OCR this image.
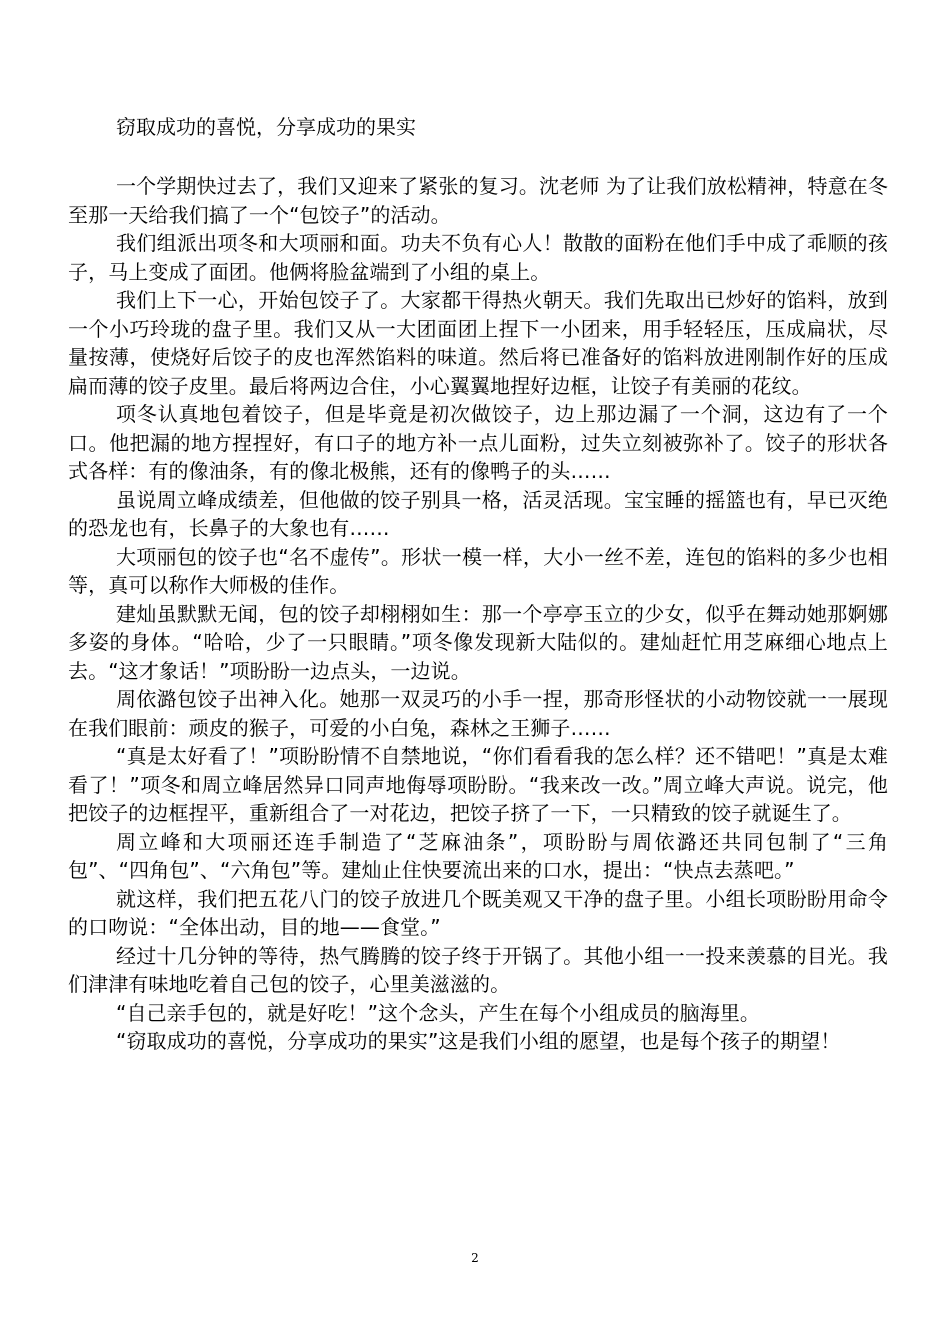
窃取成功的喜悦，分享成功的果实

一个学期快过去了，我们又迎来了紧张的复习。沈老师 为了让我们放松精神，特意在冬至那一天给我们搞了一个“包饺子”的活动。

我们组派出项冬和大项丽和面。功夫不负有心人！散散的面粉在他们手中成了乖顺的孩子，马上变成了面团。他俩将脸盆端到了小组的桌上。

我们上下一心，开始包饺子了。大家都干得热火朝天。我们先取出已炒好的馅料，放到一个小巧玲珑的盘子里。我们又从一大团面团上捏下一小团来，用手轻轻压，压成扁状，尽量按薄，使烧好后饺子的皮也浑然馅料的味道。然后将已准备好的馅料放进刚制作好的压成扁而薄的饺子皮里。最后将两边合住，小心翼翼地捏好边框，让饺子有美丽的花纹。

项冬认真地包着饺子，但是毕竟是初次做饺子，边上那边漏了一个洞，这边有了一个口。他把漏的地方捏捏好，有口子的地方补一点儿面粉，过失立刻被弥补了。饺子的形状各式各样：有的像油条，有的像北极熊，还有的像鸭子的头……

虽说周立峰成绩差，但他做的饺子别具一格，活灵活现。宝宝睡的摇篮也有，早已灭绝的恐龙也有，长鼻子的大象也有……

大项丽包的饺子也“名不虚传”。形状一模一样，大小一丝不差，连包的馅料的多少也相等，真可以称作大师极的佳作。

建灿虽默默无闻，包的饺子却栩栩如生：那一个亭亭玉立的少女，似乎在舞动她那婀娜多姿的身体。“哈哈，少了一只眼睛。”项冬像发现新大陆似的。建灿赶忙用芝麻细心地点上去。“这才象话！”项盼盼一边点头，一边说。

周依潞包饺子出神入化。她那一双灵巧的小手一捏，那奇形怪状的小动物饺就一一展现在我们眼前：顽皮的猴子，可爱的小白兔，森林之王狮子……

“真是太好看了！”项盼盼情不自禁地说，“你们看看我的怎么样？还不错吧！”真是太难看了！”项冬和周立峰居然异口同声地侮辱项盼盼。“我来改一改。”周立峰大声说。说完，他把饺子的边框捏平，重新组合了一对花边，把饺子挤了一下，一只精致的饺子就诞生了。

周立峰和大项丽还连手制造了“芝麻油条”，项盼盼与周依潞还共同包制了“三角包”、“四角包”、“六角包”等。建灿止住快要流出来的口水，提出：“快点去蒸吧。”

就这样，我们把五花八门的饺子放进几个既美观又干净的盘子里。小组长项盼盼用命令的口吻说：“全体出动，目的地——食堂。”

经过十几分钟的等待，热气腾腾的饺子终于开锅了。其他小组一一投来羡慕的目光。我们津津有味地吃着自己包的饺子，心里美滋滋的。

“自己亲手包的，就是好吃！”这个念头，产生在每个小组成员的脑海里。

“窃取成功的喜悦，分享成功的果实”这是我们小组的愿望，也是每个孩子的期望！

2
